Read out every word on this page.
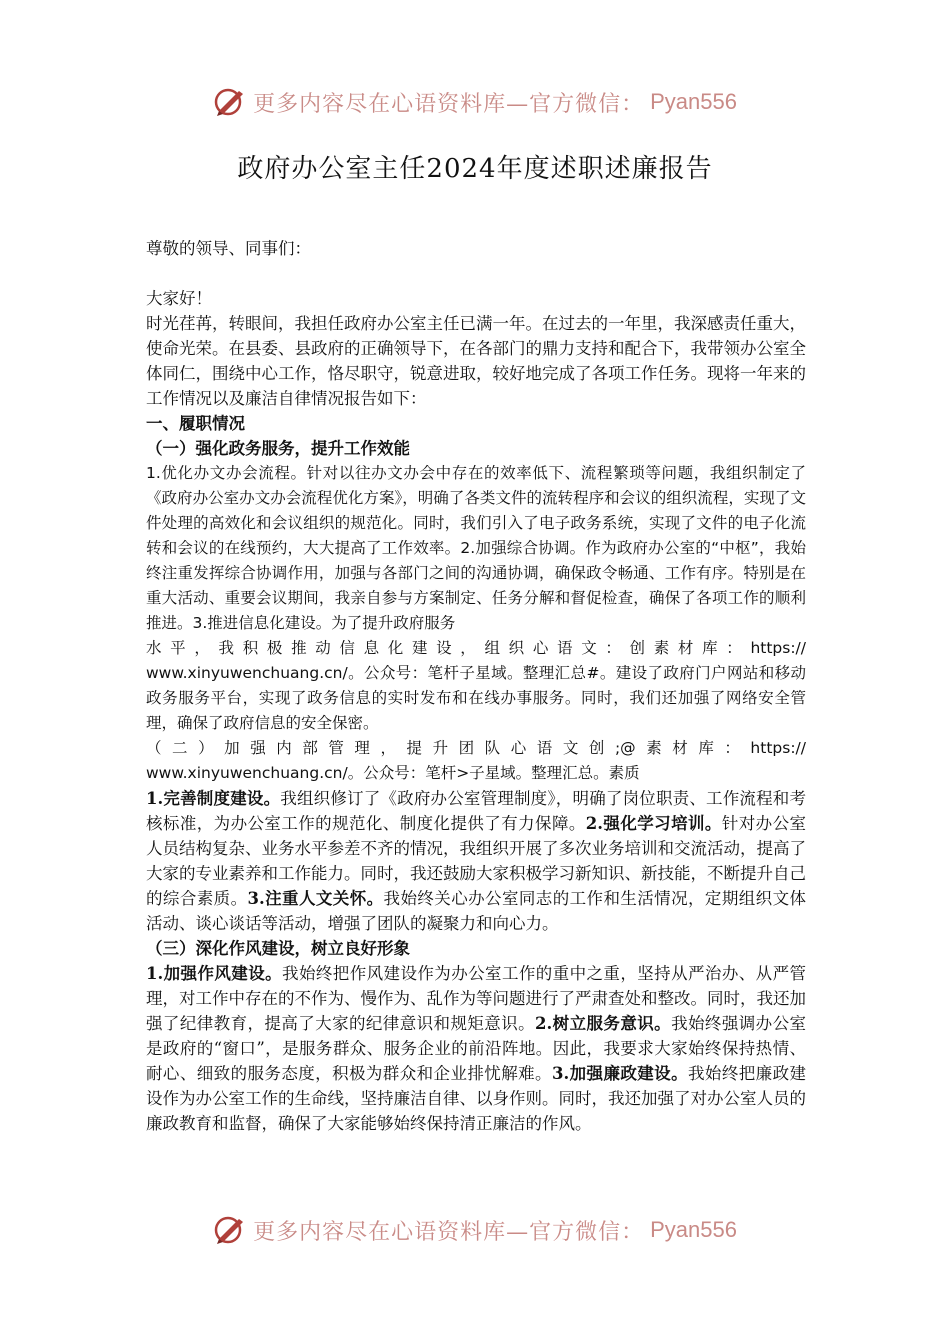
更多内容尽在心语资料库—官方微信： Pyan556
政府办公室主任2024年度述职述廉报告

尊敬的领导、同事们：

大家好！

时光荏苒，转眼间，我担任政府办公室主任已满一年。在过去的一年里，我深感责任重大，使命光荣。在县委、县政府的正确领导下，在各部门的鼎力支持和配合下，我带领办公室全体同仁，围绕中心工作，恪尽职守，锐意进取，较好地完成了各项工作任务。现将一年来的工作情况以及廉洁自律情况报告如下：

一、履职情况

（一）强化政务服务，提升工作效能

1.优化办文办会流程。针对以往办文办会中存在的效率低下、流程繁琐等问题，我组织制定了《政府办公室办文办会流程优化方案》，明确了各类文件的流转程序和会议的组织流程，实现了文件处理的高效化和会议组织的规范化。同时，我们引入了电子政务系统，实现了文件的电子化流转和会议的在线预约，大大提高了工作效率。2.加强综合协调。作为政府办公室的“中枢”，我始终注重发挥综合协调作用，加强与各部门之间的沟通协调，确保政令畅通、工作有序。特别是在重大活动、重要会议期间，我亲自参与方案制定、任务分解和督促检查，确保了各项工作的顺利推进。3.推进信息化建设。为了提升政府服务

水平，我积极推动信息化建设，组织心语文：创素材库：https://

www.xinyuwenchuang.cn/。公众号：笔杆子星域。整理汇总#。建设了政府门户网站和移动政务服务平台，实现了政务信息的实时发布和在线办事服务。同时，我们还加强了网络安全管理，确保了政府信息的安全保密。

（二）加强内部管理，提升团队心语文创;@素材库：https://

www.xinyuwenchuang.cn/。公众号：笔杆>子星域。整理汇总。素质

1.完善制度建设。我组织修订了《政府办公室管理制度》，明确了岗位职责、工作流程和考核标准，为办公室工作的规范化、制度化提供了有力保障。2.强化学习培训。针对办公室人员结构复杂、业务水平参差不齐的情况，我组织开展了多次业务培训和交流活动，提高了大家的专业素养和工作能力。同时，我还鼓励大家积极学习新知识、新技能，不断提升自己的综合素质。3.注重人文关怀。我始终关心办公室同志的工作和生活情况，定期组织文体活动、谈心谈话等活动，增强了团队的凝聚力和向心力。

（三）深化作风建设，树立良好形象

1.加强作风建设。我始终把作风建设作为办公室工作的重中之重，坚持从严治办、从严管理，对工作中存在的不作为、慢作为、乱作为等问题进行了严肃查处和整改。同时，我还加强了纪律教育，提高了大家的纪律意识和规矩意识。2.树立服务意识。我始终强调办公室是政府的“窗口”，是服务群众、服务企业的前沿阵地。因此，我要求大家始终保持热情、耐心、细致的服务态度，积极为群众和企业排忧解难。3.加强廉政建设。我始终把廉政建设作为办公室工作的生命线，坚持廉洁自律、以身作则。同时，我还加强了对办公室人员的廉政教育和监督，确保了大家能够始终保持清正廉洁的作风。

更多内容尽在心语资料库—官方微信： Pyan556
